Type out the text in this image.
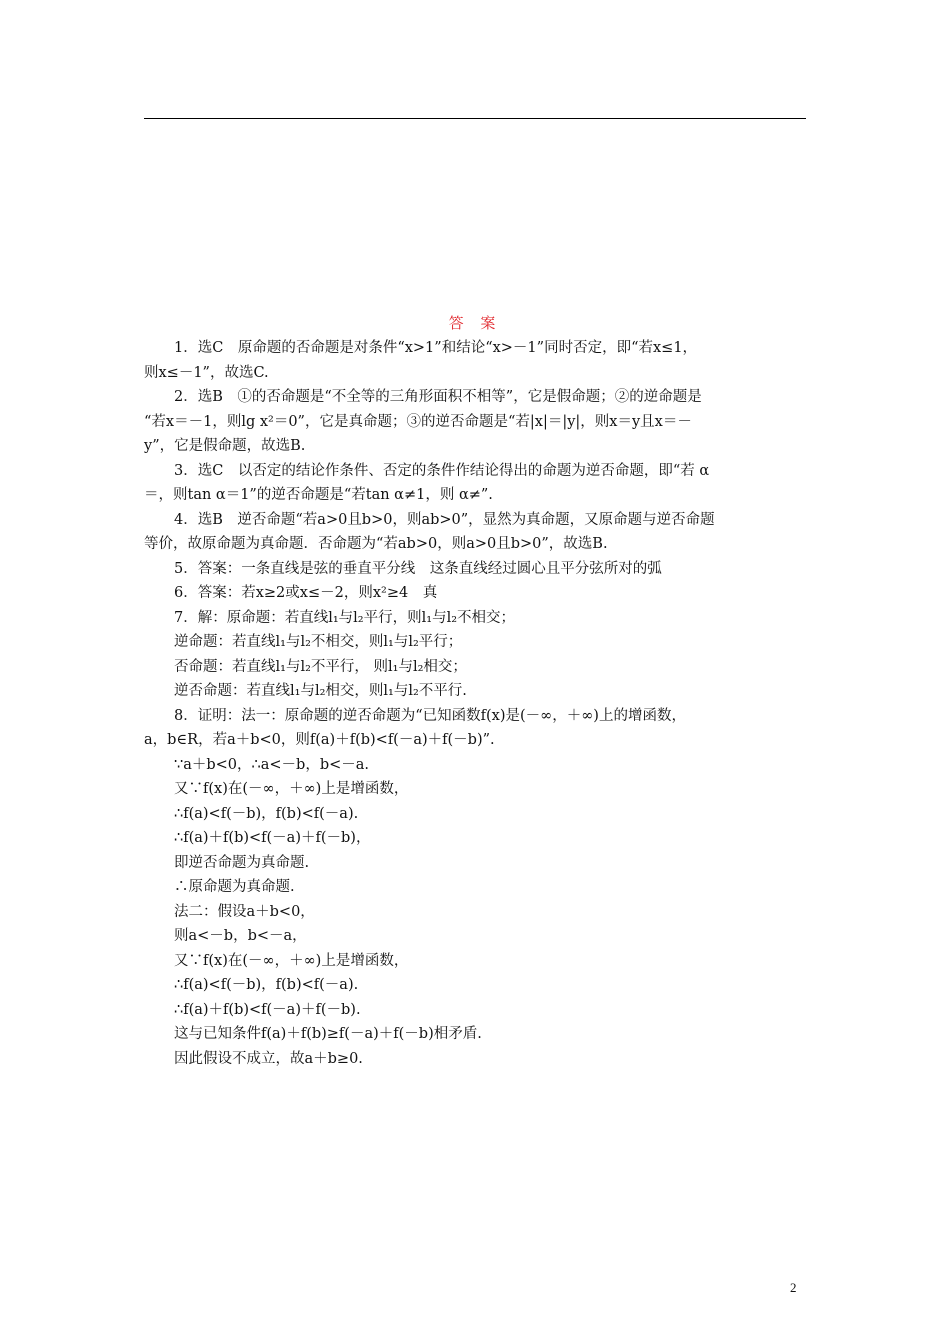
答 案
1．选C　原命题的否命题是对条件“x>1”和结论“x>－1”同时否定，即“若x≤1，
则x≤－1”，故选C.
2．选B　①的否命题是“不全等的三角形面积不相等”，它是假命题；②的逆命题是
“若x＝－1，则lg x²＝0”，它是真命题；③的逆否命题是“若|x|＝|y|，则x＝y且x＝－
y”，它是假命题，故选B.
3．选C　以否定的结论作条件、否定的条件作结论得出的命题为逆否命题，即“若 α
＝，则tan α＝1”的逆否命题是“若tan α≠1，则 α≠”.
4．选B　逆否命题“若a>0且b>0，则ab>0”，显然为真命题，又原命题与逆否命题
等价，故原命题为真命题．否命题为“若ab>0，则a>0且b>0”，故选B.
5．答案：一条直线是弦的垂直平分线　这条直线经过圆心且平分弦所对的弧
6．答案：若x≥2或x≤－2，则x²≥4　真
7．解：原命题：若直线l₁与l₂平行，则l₁与l₂不相交；
逆命题：若直线l₁与l₂不相交，则l₁与l₂平行；
否命题：若直线l₁与l₂不平行， 则l₁与l₂相交；
逆否命题：若直线l₁与l₂相交，则l₁与l₂不平行.
8．证明：法一：原命题的逆否命题为“已知函数f(x)是(－∞，＋∞)上的增函数，
a，b∈R，若a＋b<0，则f(a)＋f(b)<f(－a)＋f(－b)”.
∵a＋b<0，∴a<－b，b<－a.
又∵f(x)在(－∞，＋∞)上是增函数，
∴f(a)<f(－b)，f(b)<f(－a).
∴f(a)＋f(b)<f(－a)＋f(－b)，
即逆否命题为真命题.
∴原命题为真命题.
法二：假设a＋b<0，
则a<－b，b<－a，
又∵f(x)在(－∞，＋∞)上是增函数，
∴f(a)<f(－b)，f(b)<f(－a).
∴f(a)＋f(b)<f(－a)＋f(－b).
这与已知条件f(a)＋f(b)≥f(－a)＋f(－b)相矛盾.
因此假设不成立，故a＋b≥0.
2
